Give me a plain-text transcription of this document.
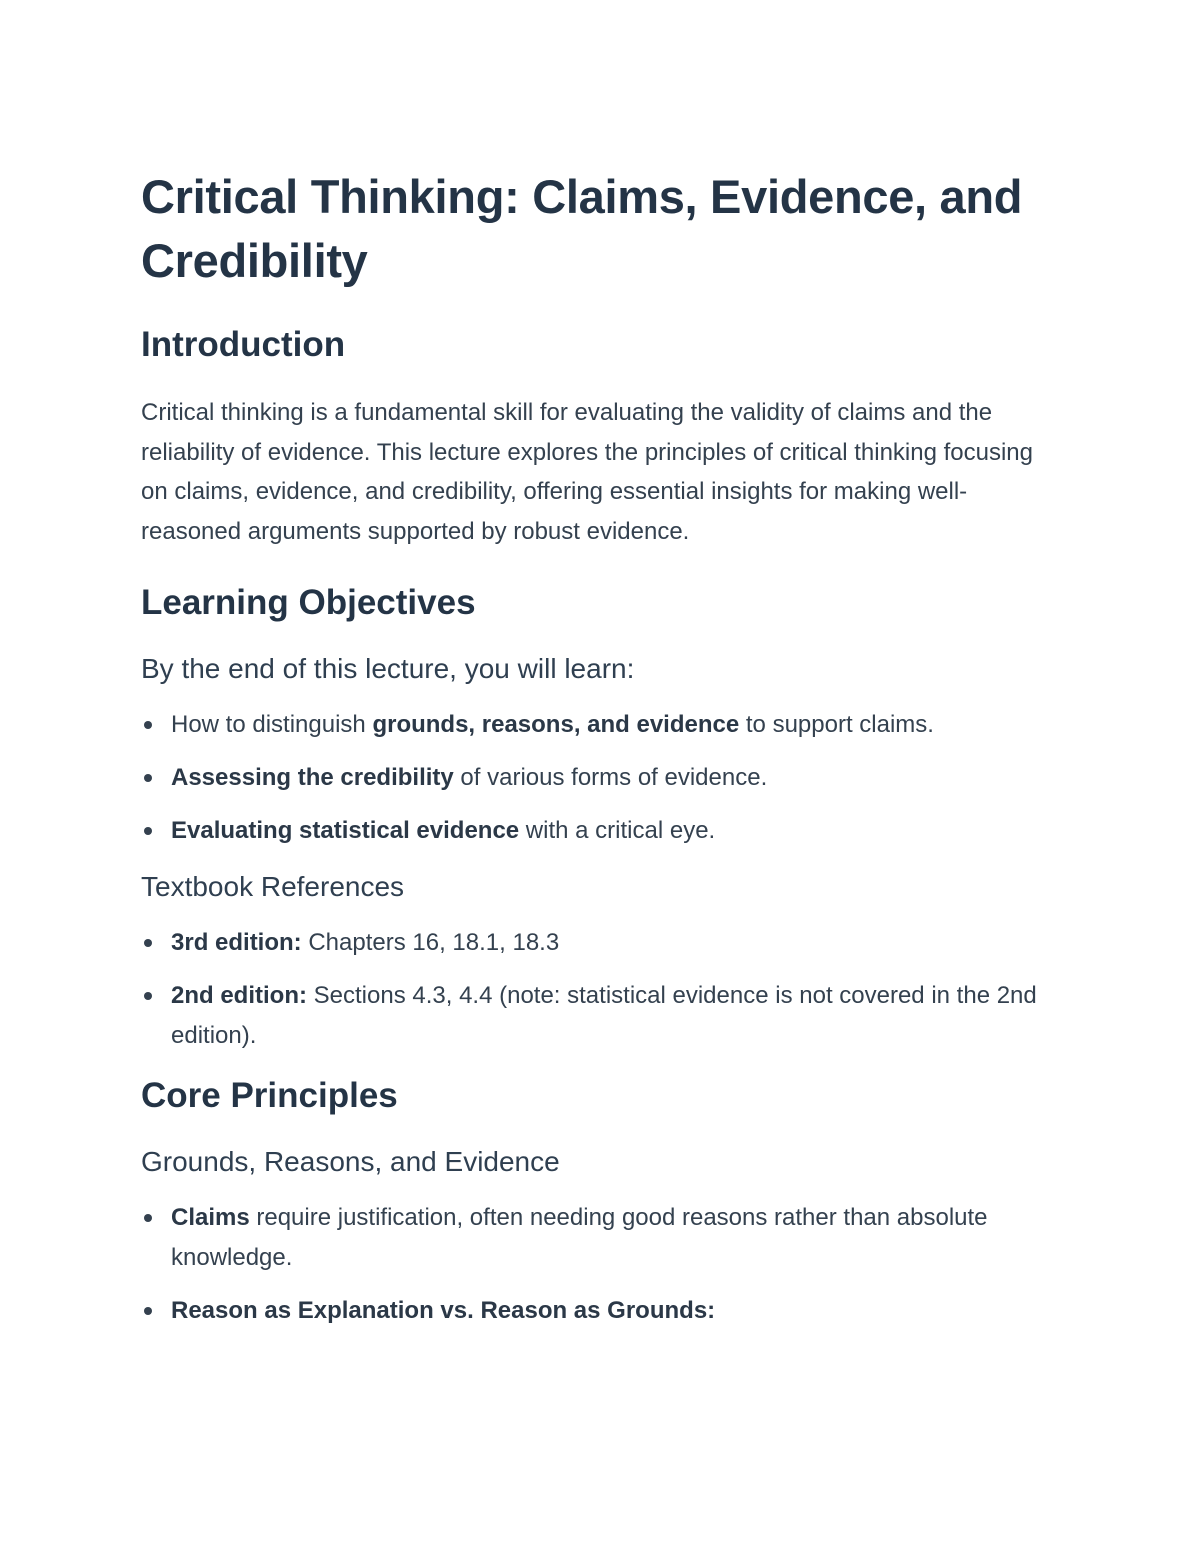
Critical Thinking: Claims, Evidence, and Credibility
Introduction

Critical thinking is a fundamental skill for evaluating the validity of claims and the reliability of evidence. This lecture explores the principles of critical thinking focusing on claims, evidence, and credibility, offering essential insights for making well-reasoned arguments supported by robust evidence.

Learning Objectives
By the end of this lecture, you will learn:
How to distinguish grounds, reasons, and evidence to support claims.
Assessing the credibility of various forms of evidence.
Evaluating statistical evidence with a critical eye.
Textbook References
3rd edition: Chapters 16, 18.1, 18.3
2nd edition: Sections 4.3, 4.4 (note: statistical evidence is not covered in the 2nd edition).
Core Principles
Grounds, Reasons, and Evidence
Claims require justification, often needing good reasons rather than absolute knowledge.
Reason as Explanation vs. Reason as Grounds:
